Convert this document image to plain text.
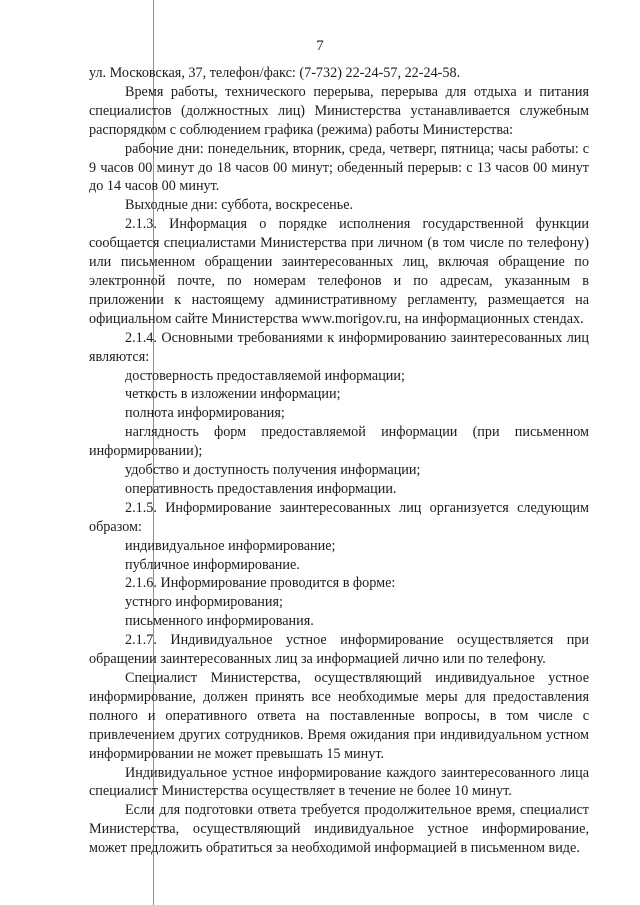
7

ул. Московская, 37, телефон/факс: (7-732) 22-24-57, 22-24-58.

Время работы, технического перерыва, перерыва для отдыха и питания специалистов (должностных лиц) Министерства устанавливается служебным распорядком с соблюдением графика (режима) работы Министерства:

рабочие дни: понедельник, вторник, среда, четверг, пятница; часы работы: с 9 часов 00 минут до 18 часов 00 минут; обеденный перерыв: с 13 часов 00 минут до 14 часов 00 минут.

Выходные дни: суббота, воскресенье.

2.1.3. Информация о порядке исполнения государственной функции сообщается специалистами Министерства при личном (в том числе по телефону) или письменном обращении заинтересованных лиц, включая обращение по электронной почте, по номерам телефонов и по адресам, указанным в приложении к настоящему административному регламенту, размещается на официальном сайте Министерства www.morigov.ru, на информационных стендах.

2.1.4. Основными требованиями к информированию заинтересованных лиц являются:

достоверность предоставляемой информации;

четкость в изложении информации;

полнота информирования;

наглядность форм предоставляемой информации (при письменном информировании);

удобство и доступность получения информации;

оперативность предоставления информации.

2.1.5. Информирование заинтересованных лиц организуется следующим образом:

индивидуальное информирование;

публичное информирование.

2.1.6. Информирование проводится в форме:

устного информирования;

письменного информирования.

2.1.7. Индивидуальное устное информирование осуществляется при обращении заинтересованных лиц за информацией лично или по телефону.

Специалист Министерства, осуществляющий индивидуальное устное информирование, должен принять все необходимые меры для предоставления полного и оперативного ответа на поставленные вопросы, в том числе с привлечением других сотрудников. Время ожидания при индивидуальном устном информировании не может превышать 15 минут.

Индивидуальное устное информирование каждого заинтересованного лица специалист Министерства осуществляет в течение не более 10 минут.

Если для подготовки ответа требуется продолжительное время, специалист Министерства, осуществляющий индивидуальное устное информирование, может предложить обратиться за необходимой информацией в письменном виде.
